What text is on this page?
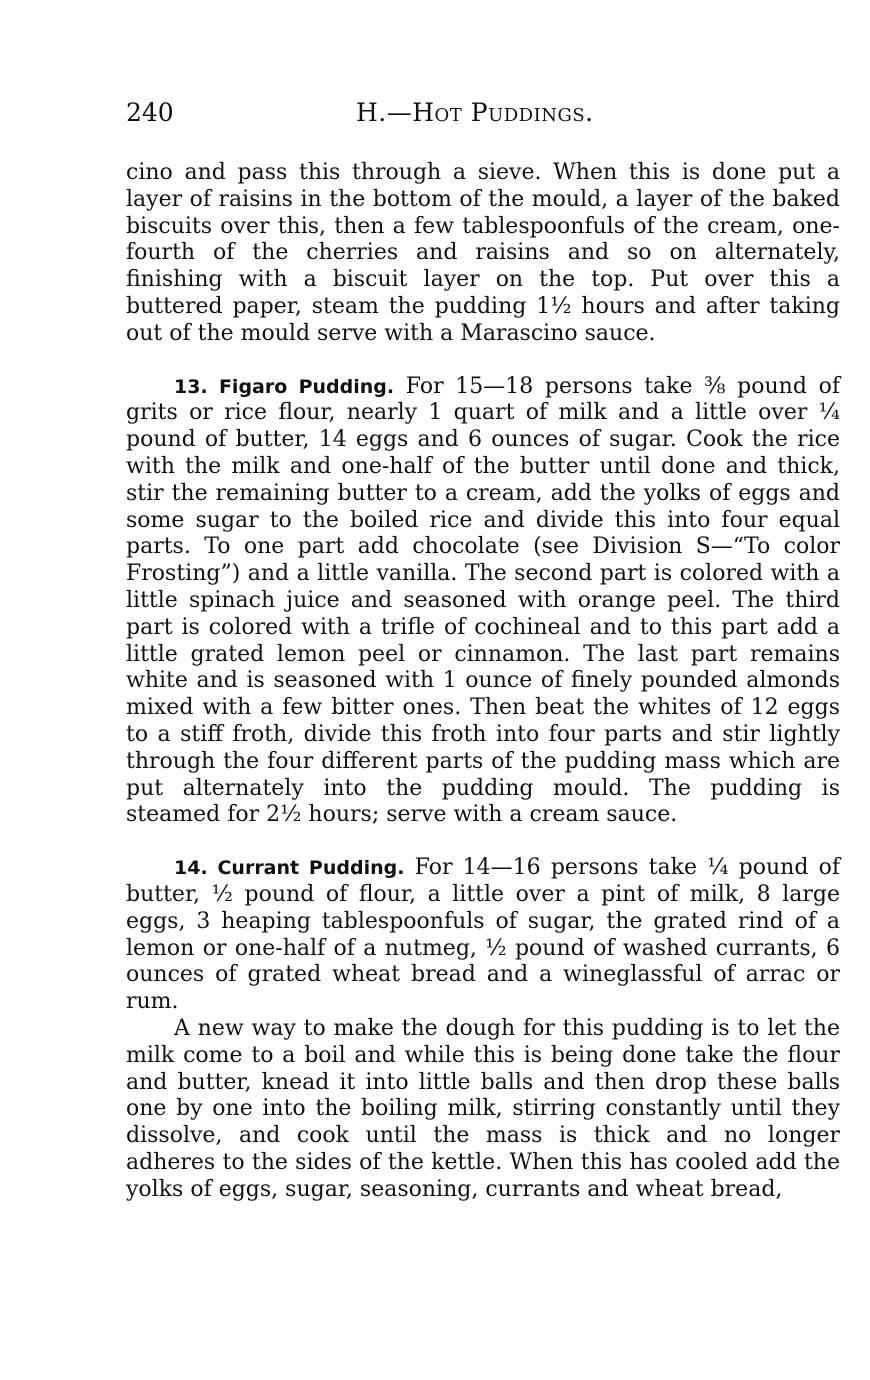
240	H.—Hot Puddings.

cino and pass this through a sieve. When this is done put a layer of raisins in the bottom of the mould, a layer of the baked biscuits over this, then a few tablespoonfuls of the cream, one-fourth of the cherries and raisins and so on alternately, finishing with a biscuit layer on the top. Put over this a buttered paper, steam the pudding 1½ hours and after taking out of the mould serve with a Marascino sauce.

13. Figaro Pudding. For 15—18 persons take ⅜ pound of grits or rice flour, nearly 1 quart of milk and a little over ¼ pound of butter, 14 eggs and 6 ounces of sugar. Cook the rice with the milk and one-half of the butter until done and thick, stir the remaining butter to a cream, add the yolks of eggs and some sugar to the boiled rice and divide this into four equal parts. To one part add chocolate (see Division S—“To color Frosting”) and a little vanilla. The second part is colored with a little spinach juice and seasoned with orange peel. The third part is colored with a trifle of cochineal and to this part add a little grated lemon peel or cinnamon. The last part remains white and is seasoned with 1 ounce of finely pounded almonds mixed with a few bitter ones. Then beat the whites of 12 eggs to a stiff froth, divide this froth into four parts and stir lightly through the four different parts of the pudding mass which are put alternately into the pudding mould. The pudding is steamed for 2½ hours; serve with a cream sauce.

14. Currant Pudding. For 14—16 persons take ¼ pound of butter, ½ pound of flour, a little over a pint of milk, 8 large eggs, 3 heaping tablespoonfuls of sugar, the grated rind of a lemon or one-half of a nutmeg, ½ pound of washed currants, 6 ounces of grated wheat bread and a wineglassful of arrac or rum.

A new way to make the dough for this pudding is to let the milk come to a boil and while this is being done take the flour and butter, knead it into little balls and then drop these balls one by one into the boiling milk, stirring constantly until they dissolve, and cook until the mass is thick and no longer adheres to the sides of the kettle. When this has cooled add the yolks of eggs, sugar, seasoning, currants and wheat bread,
